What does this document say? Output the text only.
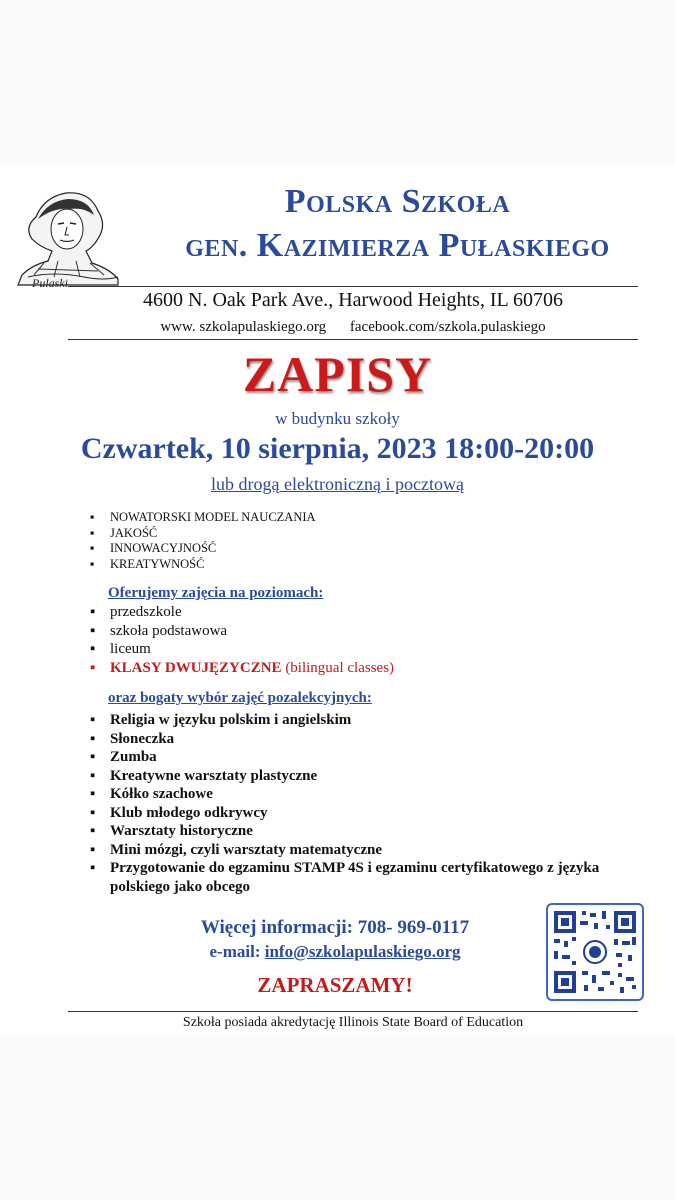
Pulaski
Polska Szkoła
gen. Kazimierza Pułaskiego
4600 N. Oak Park Ave., Harwood Heights, IL 60706
www. szkolapulaskiego.org facebook.com/szkola.pulaskiego
ZAPISY
w budynku szkoły
Czwartek, 10 sierpnia, 2023 18:00-20:00
lub drogą elektroniczną i pocztową
▪ NOWATORSKI MODEL NAUCZANIA
▪ JAKOŚĆ
▪ INNOWACYJNOŚĆ
▪ KREATYWNOŚĆ
Oferujemy zajęcia na poziomach:
▪ przedszkole
▪ szkoła podstawowa
▪ liceum
▪ KLASY DWUJĘZYCZNE (bilingual classes)
oraz bogaty wybór zajęć pozalekcyjnych:
▪ Religia w języku polskim i angielskim
▪ Słoneczka
▪ Zumba
▪ Kreatywne warsztaty plastyczne
▪ Kółko szachowe
▪ Klub młodego odkrywcy
▪ Warsztaty historyczne
▪ Mini mózgi, czyli warsztaty matematyczne
▪ Przygotowanie do egzaminu STAMP 4S i egzaminu certyfikatowego z języka polskiego jako obcego
Więcej informacji: 708- 969-0117
e-mail: info@szkolapulaskiego.org
ZAPRASZAMY!
Szkoła posiada akredytację Illinois State Board of Education
